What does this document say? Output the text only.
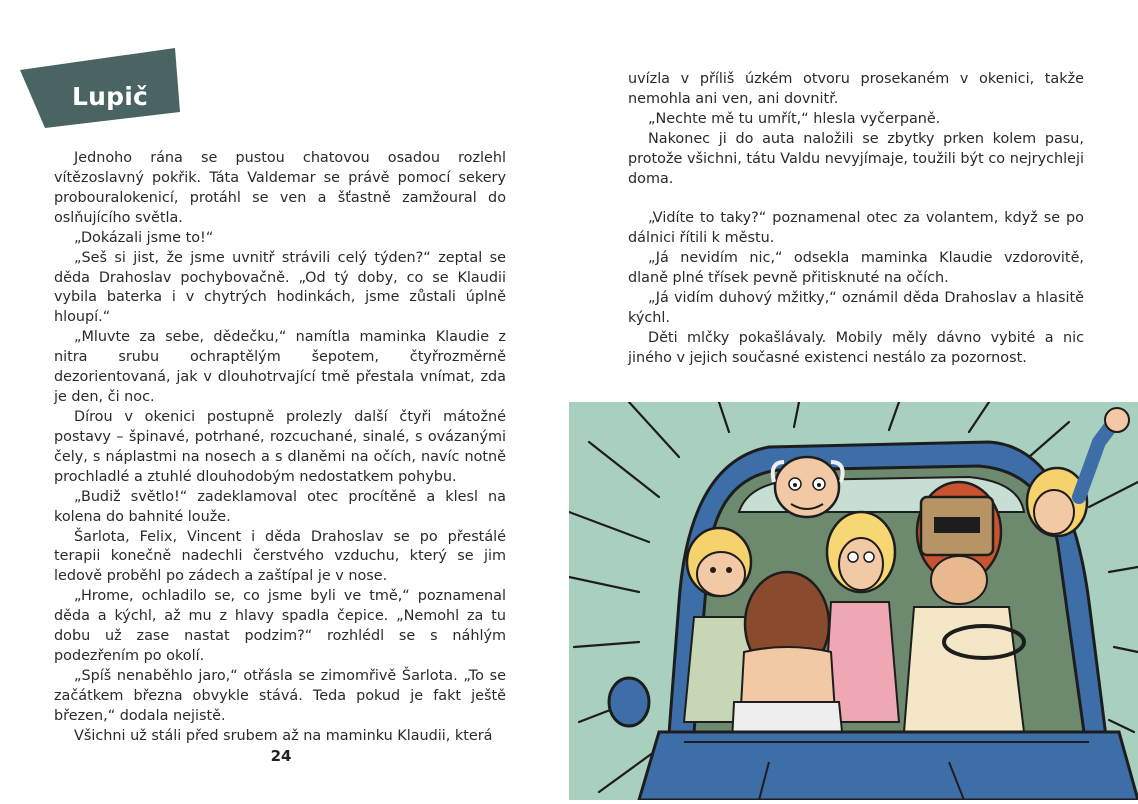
Lupič

Jednoho rána se pustou chatovou osadou rozlehl vítězoslavný pokřik. Táta Valdemar se právě pomocí sekery probouralokenicí, protáhl se ven a šťastně zamžoural do oslňujícího světla.

„Dokázali jsme to!“

„Seš si jist, že jsme uvnitř strávili celý týden?“ zeptal se děda Drahoslav pochybovačně. „Od tý doby, co se Klaudii vybila baterka i v chytrých hodinkách, jsme zůstali úplně hloupí.“

„Mluvte za sebe, dědečku,“ namítla maminka Klaudie z nitra srubu ochraptělým šepotem, čtyřrozměrně dezorientovaná, jak v dlouhotrvající tmě přestala vnímat, zda je den, či noc.

Dírou v okenici postupně prolezly další čtyři mátožné postavy – špinavé, potrhané, rozcuchané, sinalé, s ovázanými čely, s náplastmi na nosech a s dlaněmi na očích, navíc notně prochladlé a ztuhlé dlouhodobým nedostatkem pohybu.

„Budiž světlo!“ zadeklamoval otec procítěně a klesl na kolena do bahnité louže.

Šarlota, Felix, Vincent i děda Drahoslav se po přestálé terapii konečně nadechli čerstvého vzduchu, který se jim ledově proběhl po zádech a zaštípal je v nose.

„Hrome, ochladilo se, co jsme byli ve tmě,“ poznamenal děda a kýchl, až mu z hlavy spadla čepice. „Nemohl za tu dobu už zase nastat podzim?“ rozhlédl se s náhlým podezřením po okolí.

„Spíš nenaběhlo jaro,“ otřásla se zimomřivě Šarlota. „To se začátkem března obvykle stává. Teda pokud je fakt ještě březen,“ dodala nejistě.

Všichni už stáli před srubem až na maminku Klaudii, která

24

uvízla v příliš úzkém otvoru prosekaném v okenici, takže nemohla ani ven, ani dovnitř.

„Nechte mě tu umřít,“ hlesla vyčerpaně.

Nakonec ji do auta naložili se zbytky prken kolem pasu, protože všichni, tátu Valdu nevyjímaje, toužili být co nejrychleji doma.

„Vidíte to taky?“ poznamenal otec za volantem, když se po dálnici řítili k městu.

„Já nevidím nic,“ odsekla maminka Klaudie vzdorovitě, dlaně plné třísek pevně přitisknuté na očích.

„Já vidím duhový mžitky,“ oznámil děda Drahoslav a hlasitě kýchl.

Děti mlčky pokašlávaly. Mobily měly dávno vybité a nic jiného v jejich současné existenci nestálo za pozornost.
